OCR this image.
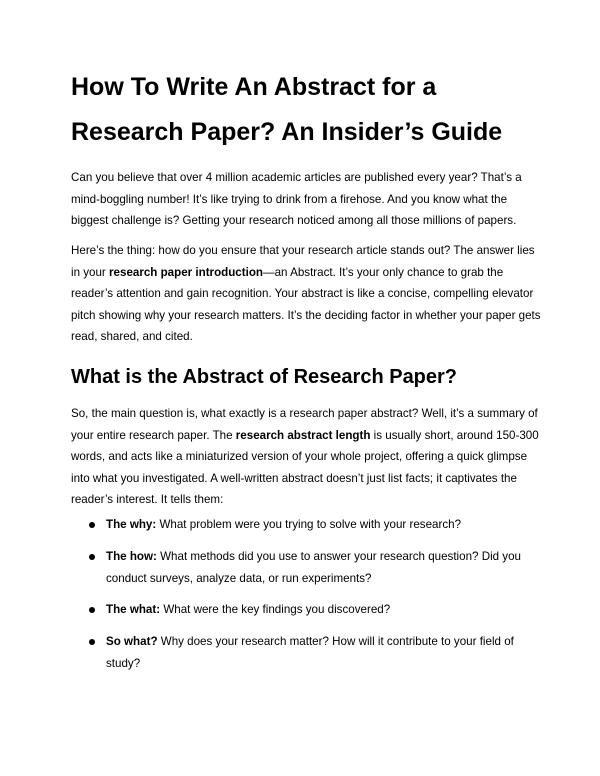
How To Write An Abstract for a
Research Paper? An Insider’s Guide

Can you believe that over 4 million academic articles are published every year? That’s a mind-boggling number! It’s like trying to drink from a firehose. And you know what the biggest challenge is? Getting your research noticed among all those millions of papers.

Here’s the thing: how do you ensure that your research article stands out? The answer lies in your research paper introduction—an Abstract. It’s your only chance to grab the reader’s attention and gain recognition. Your abstract is like a concise, compelling elevator pitch showing why your research matters. It’s the deciding factor in whether your paper gets read, shared, and cited.

What is the Abstract of Research Paper?

So, the main question is, what exactly is a research paper abstract? Well, it’s a summary of your entire research paper. The research abstract length is usually short, around 150-300 words, and acts like a miniaturized version of your whole project, offering a quick glimpse into what you investigated. A well-written abstract doesn’t just list facts; it captivates the reader’s interest. It tells them:

The why: What problem were you trying to solve with your research?
The how: What methods did you use to answer your research question? Did you conduct surveys, analyze data, or run experiments?
The what: What were the key findings you discovered?
So what? Why does your research matter? How will it contribute to your field of study?
